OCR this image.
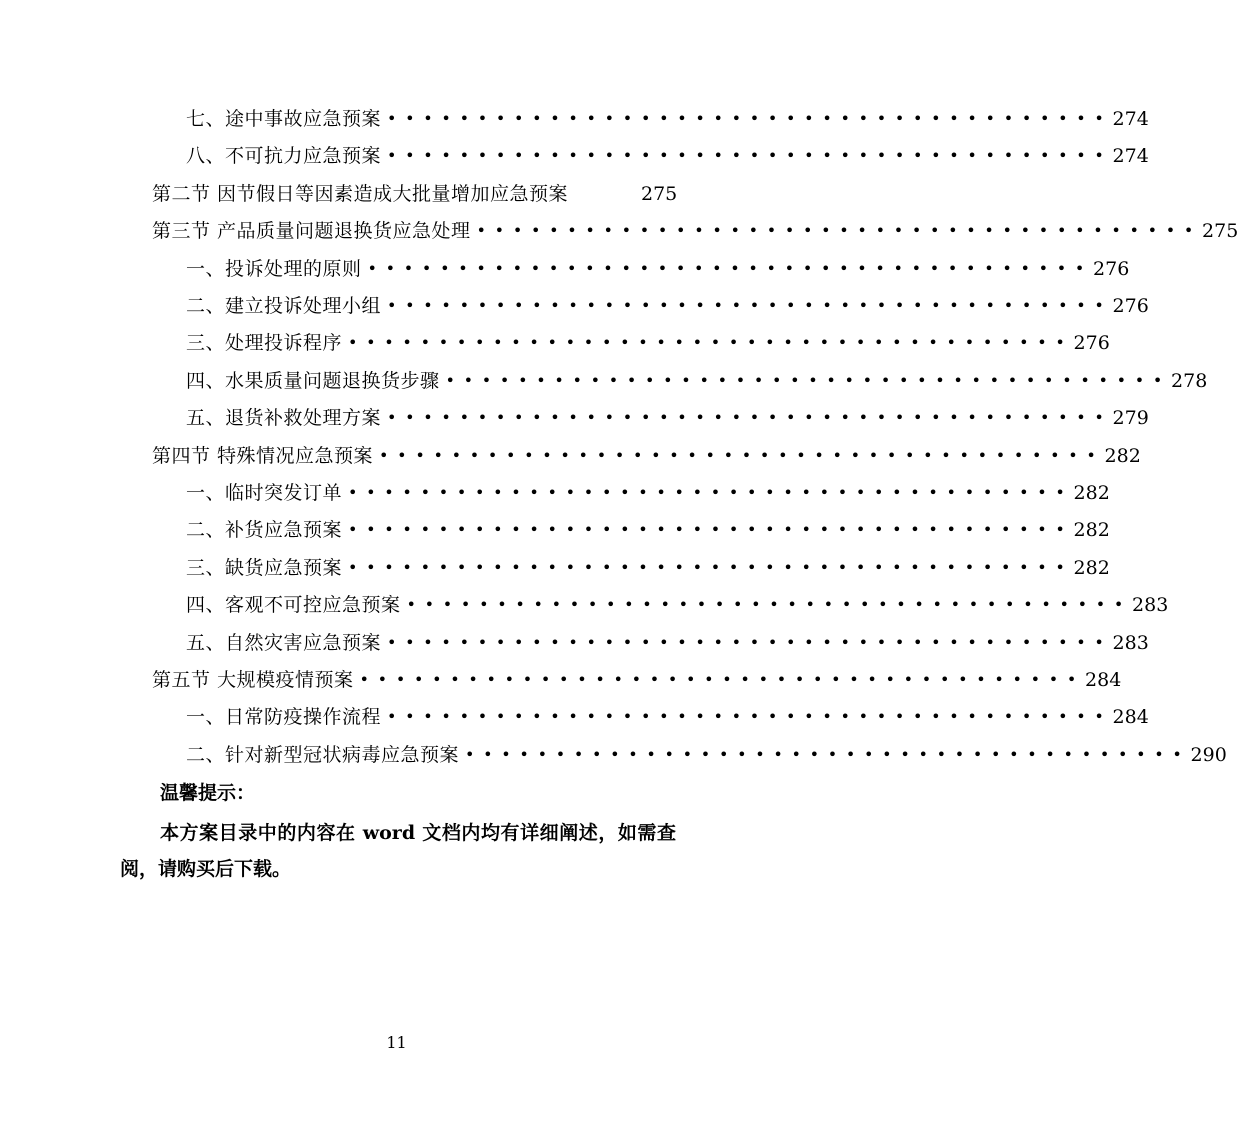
七、途中事故应急预案 •••••••••••••••••••••••••••••••••••••••• 274
八、不可抗力应急预案 •••••••••••••••••••••••••••••••••••••••• 274
第二节 因节假日等因素造成大批量增加应急预案	275
第三节 产品质量问题退换货应急处理 •••••••••••••••••••••••••••••••••••••••• 275
一、投诉处理的原则 •••••••••••••••••••••••••••••••••••••••• 276
二、建立投诉处理小组 •••••••••••••••••••••••••••••••••••••••• 276
三、处理投诉程序 •••••••••••••••••••••••••••••••••••••••• 276
四、水果质量问题退换货步骤 •••••••••••••••••••••••••••••••••••••••• 278
五、退货补救处理方案 •••••••••••••••••••••••••••••••••••••••• 279
第四节 特殊情况应急预案 •••••••••••••••••••••••••••••••••••••••• 282
一、临时突发订单 •••••••••••••••••••••••••••••••••••••••• 282
二、补货应急预案 •••••••••••••••••••••••••••••••••••••••• 282
三、缺货应急预案 •••••••••••••••••••••••••••••••••••••••• 282
四、客观不可控应急预案 •••••••••••••••••••••••••••••••••••••••• 283
五、自然灾害应急预案 •••••••••••••••••••••••••••••••••••••••• 283
第五节 大规模疫情预案 •••••••••••••••••••••••••••••••••••••••• 284
一、日常防疫操作流程 •••••••••••••••••••••••••••••••••••••••• 284
二、针对新型冠状病毒应急预案 •••••••••••••••••••••••••••••••••••••••• 290
温馨提示：
本方案目录中的内容在 word 文档内均有详细阐述，如需查阅，请购买后下载。
11
